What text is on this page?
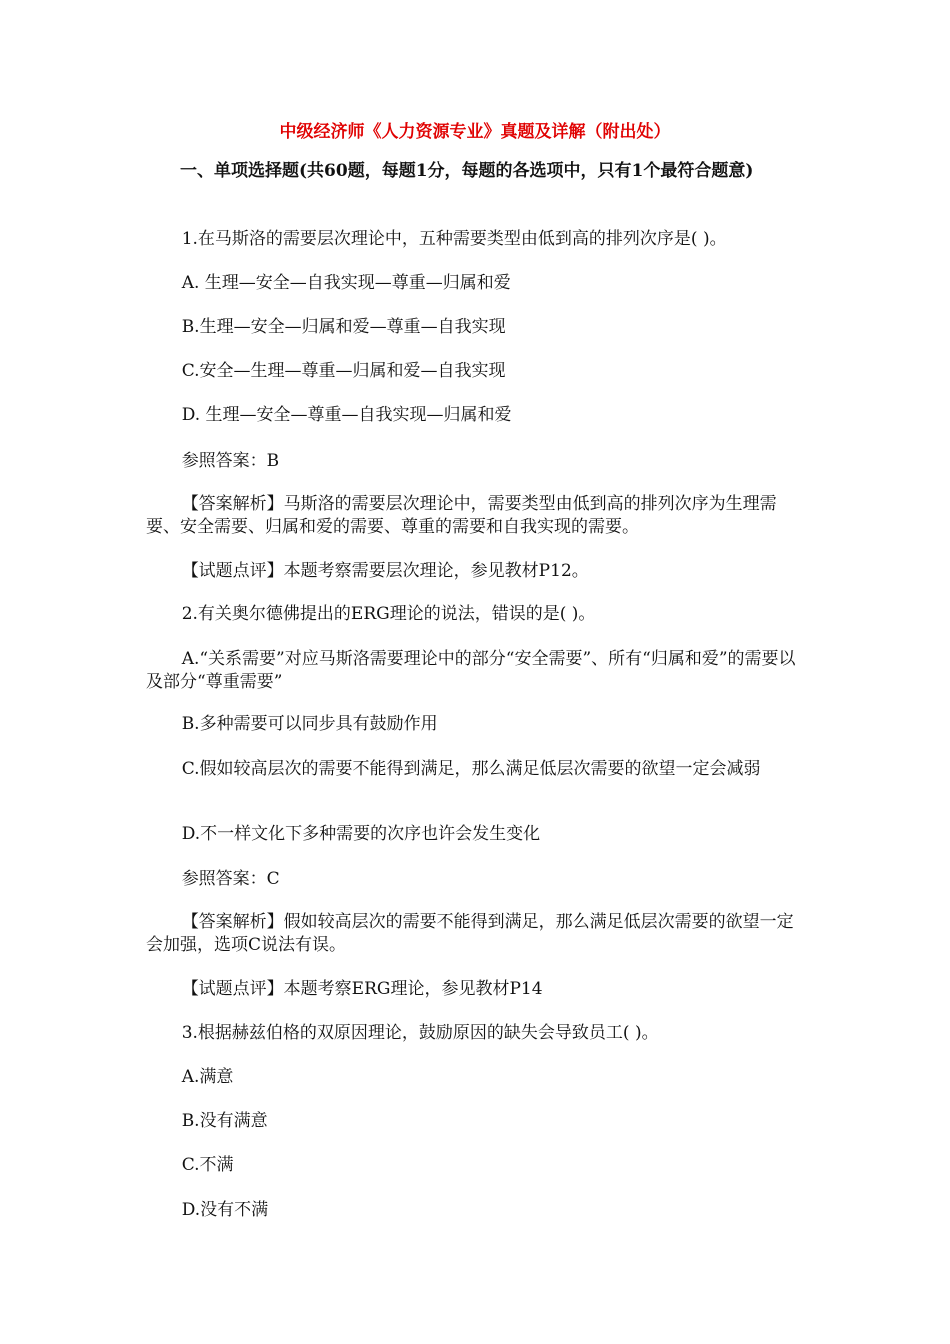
中级经济师《人力资源专业》真题及详解（附出处）
一、单项选择题(共60题，每题1分，每题的各选项中，只有1个最符合题意)
1.在马斯洛的需要层次理论中，五种需要类型由低到高的排列次序是( )。
A. 生理—安全—自我实现—尊重—归属和爱
B.生理—安全—归属和爱—尊重—自我实现
C.安全—生理—尊重—归属和爱—自我实现
D. 生理—安全—尊重—自我实现—归属和爱
参照答案：B
【答案解析】马斯洛的需要层次理论中，需要类型由低到高的排列次序为生理需要、安全需要、归属和爱的需要、尊重的需要和自我实现的需要。
【试题点评】本题考察需要层次理论，参见教材P12。
2.有关奥尔德佛提出的ERG理论的说法，错误的是( )。
A.“关系需要”对应马斯洛需要理论中的部分“安全需要”、所有“归属和爱”的需要以及部分“尊重需要”
B.多种需要可以同步具有鼓励作用
C.假如较高层次的需要不能得到满足，那么满足低层次需要的欲望一定会减弱
D.不一样文化下多种需要的次序也许会发生变化
参照答案：C
【答案解析】假如较高层次的需要不能得到满足，那么满足低层次需要的欲望一定会加强，选项C说法有误。
【试题点评】本题考察ERG理论，参见教材P14
3.根据赫兹伯格的双原因理论，鼓励原因的缺失会导致员工( )。
A.满意
B.没有满意
C.不满
D.没有不满
